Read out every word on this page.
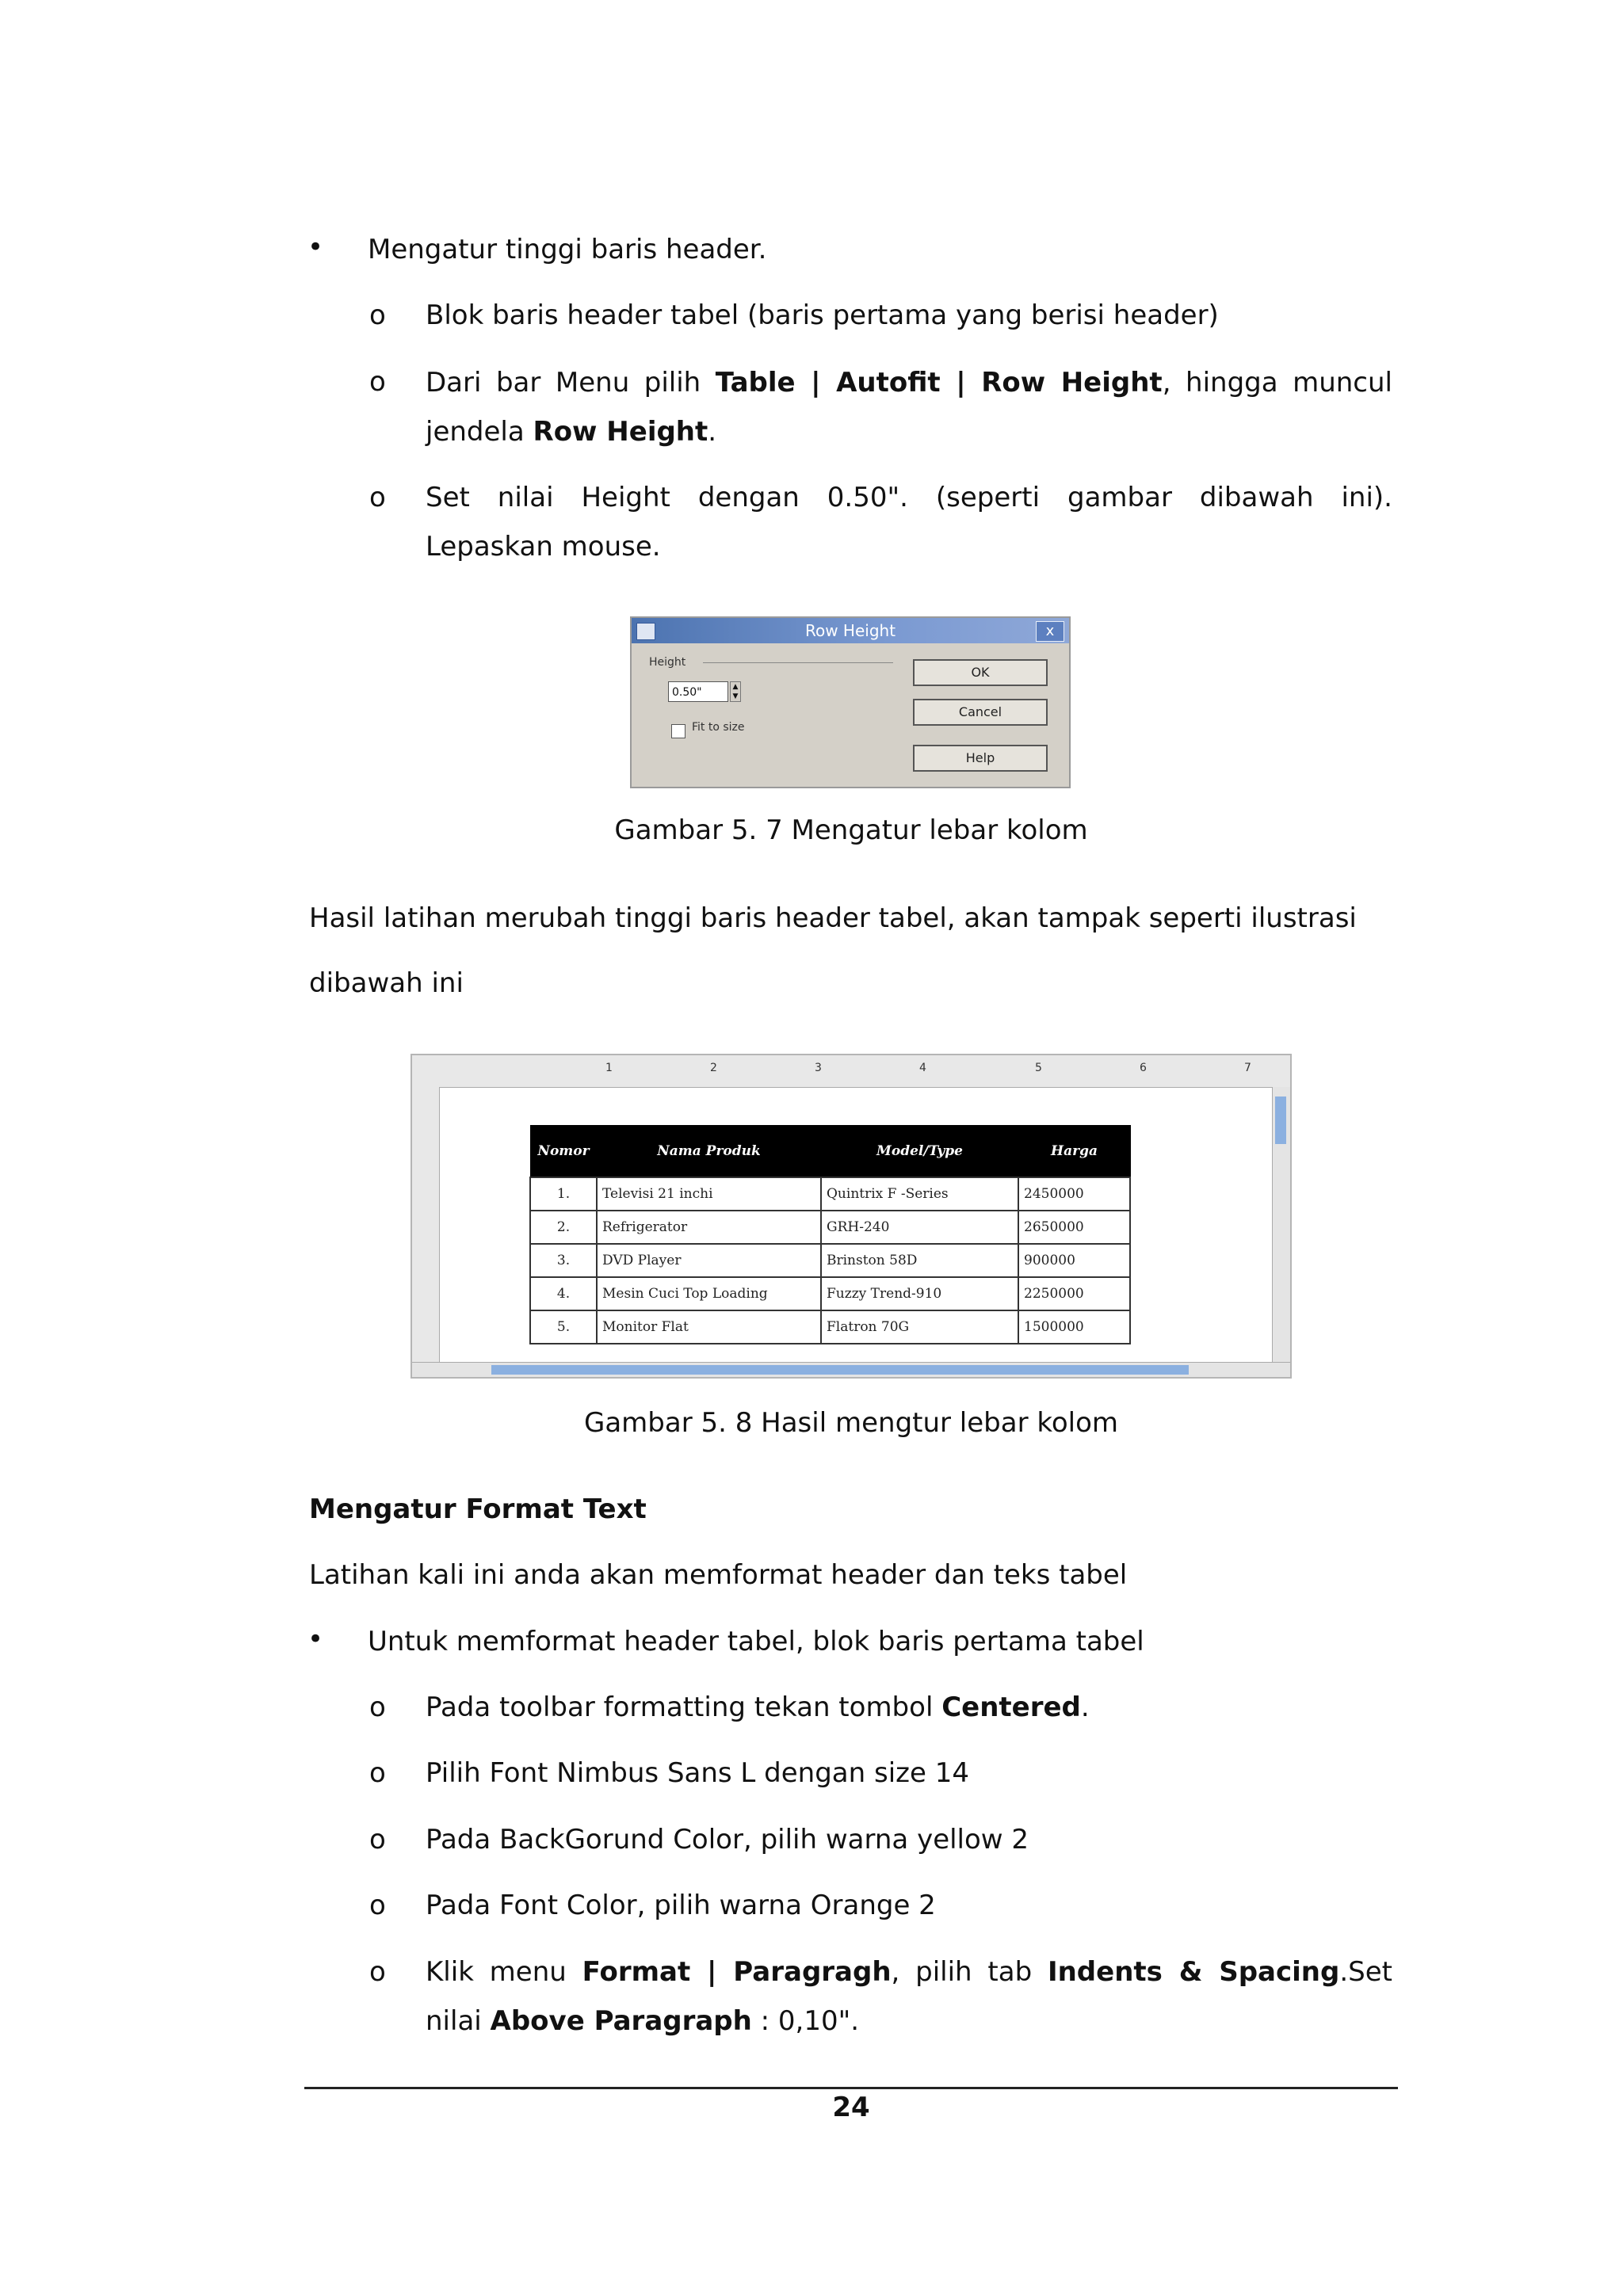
• Mengatur tinggi baris header.
o Blok baris header tabel (baris pertama yang berisi header)
o Dari bar Menu pilih Table | Autofit | Row Height, hingga muncul
jendela Row Height.
o Set nilai Height dengan 0.50". (seperti gambar dibawah ini).
Lepaskan mouse.
Row Height	x
Height
0.50"	▲
▼
Fit to size
OK
Cancel
Help
Gambar 5. 7 Mengatur lebar kolom
Hasil latihan merubah tinggi baris header tabel, akan tampak seperti ilustrasi
dibawah ini
1	2	3	4	5	6	7
Nomor	Nama Produk	Model/Type	Harga
1.	Televisi 21 inchi	Quintrix F -Series	2450000
2.	Refrigerator	GRH-240	2650000
3.	DVD Player	Brinston 58D	900000
4.	Mesin Cuci Top Loading	Fuzzy Trend-910	2250000
5.	Monitor Flat	Flatron 70G	1500000
Gambar 5. 8 Hasil mengtur lebar kolom
Mengatur Format Text
Latihan kali ini anda akan memformat header dan teks tabel
• Untuk memformat header tabel, blok baris pertama tabel
o Pada toolbar formatting tekan tombol Centered.
o Pilih Font Nimbus Sans L dengan size 14
o Pada BackGorund Color, pilih warna yellow 2
o Pada Font Color, pilih warna Orange 2
o Klik menu Format | Paragragh, pilih tab Indents & Spacing.Set
nilai Above Paragraph : 0,10".
24
